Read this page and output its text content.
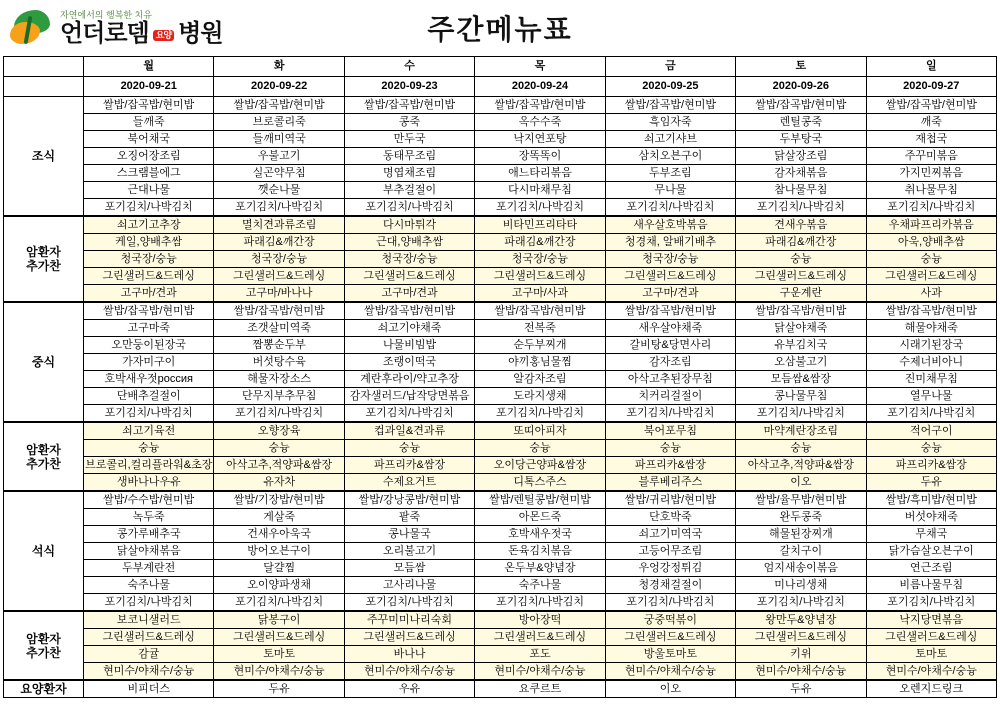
자연에서의 행복한 치유
언더로뎀 요양 병원	주간메뉴표
	월	화	수	목	금	토	일
	2020-09-21	2020-09-22	2020-09-23	2020-09-24	2020-09-25	2020-09-26	2020-09-27
조식	쌀밥/잡곡밥/현미밥	쌀밥/잡곡밥/현미밥	쌀밥/잡곡밥/현미밥	쌀밥/잡곡밥/현미밥	쌀밥/잡곡밥/현미밥	쌀밥/잡곡밥/현미밥	쌀밥/잡곡밥/현미밥
	들깨죽	브로콜리죽	콩죽	옥수수죽	흑임자죽	렌틸콩죽	깨죽
	북어채국	들깨미역국	만두국	낙지연포탕	쇠고기샤브	두부탕국	재첩국
	오징어장조림	우불고기	동태무조림	장똑똑이	삼치오븐구이	닭살장조림	주꾸미볶음
	스크램블에그	실곤약무침	명엽채조림	애느타리볶음	두부조림	감자채볶음	가지민찌볶음
	근대나물	깻순나물	부추걸절이	다시마채무침	무나물	참나물무침	취나물무침
	포기김치/나박김치	포기김치/나박김치	포기김치/나박김치	포기김치/나박김치	포기김치/나박김치	포기김치/나박김치	포기김치/나박김치
암환자
추가찬	쇠고기고추장	멸치견과류조림	다시마튀각	비타민프리타타	새우살호박볶음	견새우볶음	우채파프리카볶음
	케일,양배추쌈	파래김&깨간장	근대,양배추쌈	파래김&깨간장	청경채, 알배기배추	파래김&깨간장	아욱,양배추쌈
	청국장/숭늉	청국장/숭늉	청국장/숭늉	청국장/숭늉	청국장/숭늉	숭늉	숭늉
	그린샐러드&드레싱	그린샐러드&드레싱	그린샐러드&드레싱	그린샐러드&드레싱	그린샐러드&드레싱	그린샐러드&드레싱	그린샐러드&드레싱
	고구마/견과	고구마/바나나	고구마/견과	고구마/사과	고구마/견과	구운계란	사과
중식	쌀밥/잡곡밥/현미밥	쌀밥/잡곡밥/현미밥	쌀밥/잡곡밥/현미밥	쌀밥/잡곡밥/현미밥	쌀밥/잡곡밥/현미밥	쌀밥/잡곡밥/현미밥	쌀밥/잡곡밥/현미밥
	고구마죽	조갯살미역죽	쇠고기야채죽	전복죽	새우살야채죽	닭살야채죽	해물야채죽
	오만둥이된장국	짬뽕순두부	나물비빔밥	순두부찌개	갈비탕&당면사리	유부김치국	시래기된장국
	가자미구이	버섯탕수육	조랭이떡국	야끼홍님물찜	감자조림	오삼불고기	수제너비아니
	호박새우젓россия	해물자장소스	계란후라이/약고추장	알감자조림	아삭고추된장무침	모듬쌈&쌈장	진미채무침
	단배추걸절이	단무지부추무침	감자샐러드/납작당면볶음	도라지생채	치커리걸절이	콩나물무침	열무나물
	포기김치/나박김치	포기김치/나박김치	포기김치/나박김치	포기김치/나박김치	포기김치/나박김치	포기김치/나박김치	포기김치/나박김치
암환자
추가찬	쇠고기육전	오향장육	컵과일&견과류	또띠아피자	북어포무침	마약계란장조림	적어구이
	숭늉	숭늉	숭늉	숭늉	숭늉	숭늉	숭늉
	브로콜리,컬리플라워&초장	아삭고추,적양파&쌈장	파프리카&쌈장	오이당근양파&쌈장	파프리카&쌈장	아삭고추,적양파&쌈장	파프리카&쌈장
	생바나나우유	유자차	수제요거트	디톡스주스	블루베리주스	이오	두유
석식	쌀밥/수수밥/현미밥	쌀밥/기장밥/현미밥	쌀밥/강낭콩밥/현미밥	쌀밥/렌틸콩밥/현미밥	쌀밥/귀리밥/현미밥	쌀밥/율무밥/현미밥	쌀밥/흑미밥/현미밥
	녹두죽	게살죽	팥죽	아몬드죽	단호박죽	완두콩죽	버섯야채죽
	콩가루배추국	건새우아욱국	콩나물국	호박새우젓국	쇠고기미역국	해물된장찌개	무채국
	닭살야채볶음	방어오븐구이	오리불고기	돈육김치볶음	고등어무조림	갈치구이	닭가슴살오븐구이
	두부계란전	달걀찜	모듬쌈	온두부&양념장	우엉강정튀김	엄지새송이볶음	연근조림
	숙주나물	오이양파생채	고사리나물	숙주나물	청경채걸절이	미나리생채	비름나물무침
	포기김치/나박김치	포기김치/나박김치	포기김치/나박김치	포기김치/나박김치	포기김치/나박김치	포기김치/나박김치	포기김치/나박김치
암환자
추가찬	보코니샐러드	닭봉구이	주꾸미미나리숙회	방아장떡	궁중떡볶이	왕만두&양념장	낙지당면볶음
	그린샐러드&드레싱	그린샐러드&드레싱	그린샐러드&드레싱	그린샐러드&드레싱	그린샐러드&드레싱	그린샐러드&드레싱	그린샐러드&드레싱
	감귤	토마토	바나나	포도	방울토마토	키위	토마토
	현미수/야채수/숭늉	현미수/야채수/숭늉	현미수/야채수/숭늉	현미수/야채수/숭늉	현미수/야채수/숭늉	현미수/야채수/숭늉	현미수/야채수/숭늉
요양환자	비피더스	두유	우유	요쿠르트	이오	두유	오렌지드링크
